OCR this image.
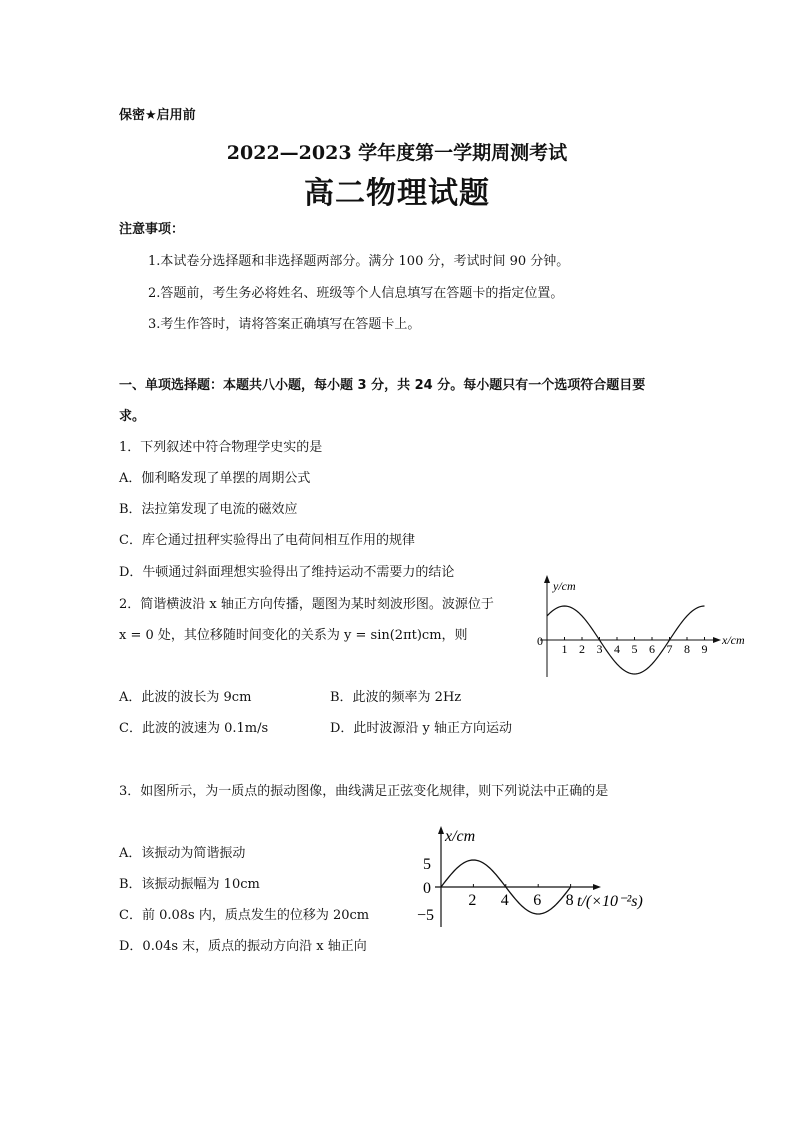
保密★启用前
2022—2023 学年度第一学期周测考试
高二物理试题
注意事项：
1.本试卷分选择题和非选择题两部分。满分 100 分，考试时间 90 分钟。
2.答题前，考生务必将姓名、班级等个人信息填写在答题卡的指定位置。
3.考生作答时，请将答案正确填写在答题卡上。
一、单项选择题：本题共八小题，每小题 3 分，共 24 分。每小题只有一个选项符合题目要
求。
1．下列叙述中符合物理学史实的是
A．伽利略发现了单摆的周期公式
B．法拉第发现了电流的磁效应
C．库仑通过扭秤实验得出了电荷间相互作用的规律
D．牛顿通过斜面理想实验得出了维持运动不需要力的结论
2．简谐横波沿 x 轴正方向传播，题图为某时刻波形图。波源位于
x = 0 处，其位移随时间变化的关系为 y = sin(2πt)cm，则
A．此波的波长为 9cm	B．此波的频率为 2Hz
C．此波的波速为 0.1m/s	D．此时波源沿 y 轴正方向运动
y/cm
x/cm
0
1 2 3 4 5 6 7 8 9
3．如图所示，为一质点的振动图像，曲线满足正弦变化规律，则下列说法中正确的是
A．该振动为简谐振动
B．该振动振幅为 10cm
C．前 0.08s 内，质点发生的位移为 20cm
D．0.04s 末，质点的振动方向沿 x 轴正向
x/cm
5
0
−5
t/(×10⁻²s)
2 4 6 8
